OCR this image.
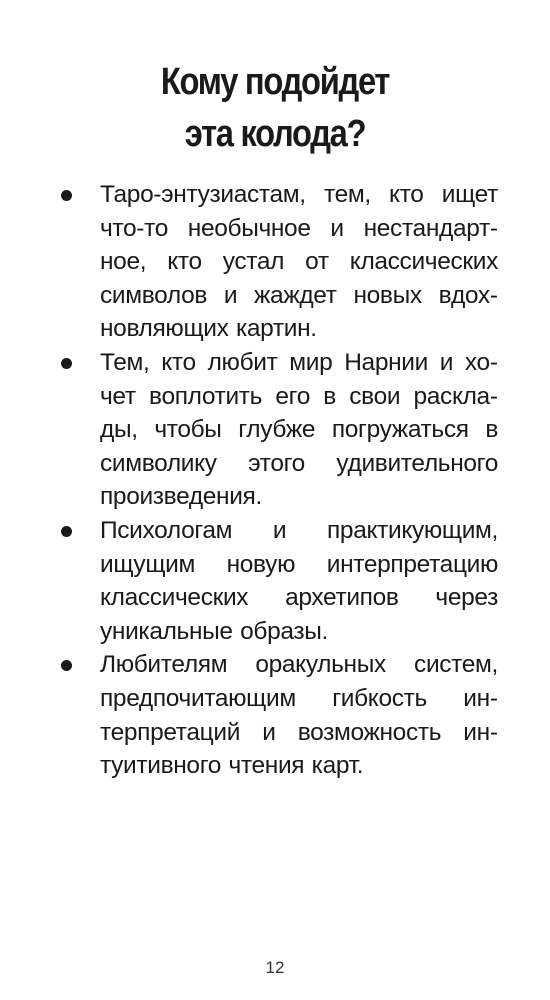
Кому подойдет
эта колода?
Таро-энтузиастам, тем, кто ищет что-то необычное и нестандартное, кто устал от классических символов и жаждет новых вдохновляющих картин.
Тем, кто любит мир Нарнии и хочет воплотить его в свои расклады, чтобы глубже погружаться в символику этого удивительного произведения.
Психологам и практикующим, ищущим новую интерпретацию классических архетипов через уникальные образы.
Любителям оракульных систем, предпочитающим гибкость интерпретаций и возможность интуитивного чтения карт.
12
